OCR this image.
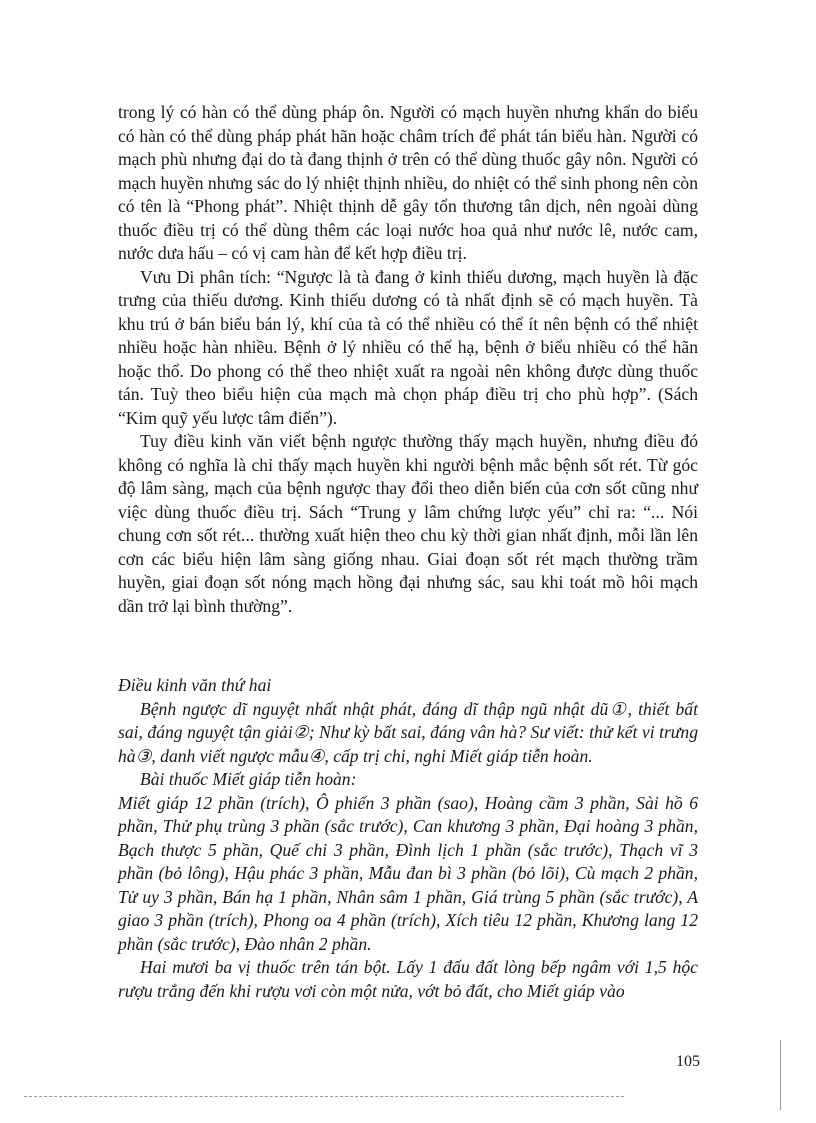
trong lý có hàn có thể dùng pháp ôn. Người có mạch huyền nhưng khẩn do biểu có hàn có thể dùng pháp phát hãn hoặc châm trích để phát tán biểu hàn. Người có mạch phù nhưng đại do tà đang thịnh ở trên có thể dùng thuốc gây nôn. Người có mạch huyền nhưng sác do lý nhiệt thịnh nhiều, do nhiệt có thể sinh phong nên còn có tên là “Phong phát”. Nhiệt thịnh dễ gây tổn thương tân dịch, nên ngoài dùng thuốc điều trị có thể dùng thêm các loại nước hoa quả như nước lê, nước cam, nước dưa hấu – có vị cam hàn để kết hợp điều trị.

Vưu Di phân tích: “Ngược là tà đang ở kinh thiếu dương, mạch huyền là đặc trưng của thiếu dương. Kinh thiếu dương có tà nhất định sẽ có mạch huyền. Tà khu trú ở bán biểu bán lý, khí của tà có thể nhiều có thể ít nên bệnh có thể nhiệt nhiều hoặc hàn nhiều. Bệnh ở lý nhiều có thể hạ, bệnh ở biểu nhiều có thể hãn hoặc thổ. Do phong có thể theo nhiệt xuất ra ngoài nên không được dùng thuốc tán. Tuỳ theo biểu hiện của mạch mà chọn pháp điều trị cho phù hợp”. (Sách “Kim quỹ yếu lược tâm điển”).

Tuy điều kinh văn viết bệnh ngược thường thấy mạch huyền, nhưng điều đó không có nghĩa là chỉ thấy mạch huyền khi người bệnh mắc bệnh sốt rét. Từ góc độ lâm sàng, mạch của bệnh ngược thay đổi theo diễn biến của cơn sốt cũng như việc dùng thuốc điều trị. Sách “Trung y lâm chứng lược yếu” chỉ ra: “... Nói chung cơn sốt rét... thường xuất hiện theo chu kỳ thời gian nhất định, mỗi lần lên cơn các biểu hiện lâm sàng giống nhau. Giai đoạn sốt rét mạch thường trầm huyền, giai đoạn sốt nóng mạch hồng đại nhưng sác, sau khi toát mồ hôi mạch dần trở lại bình thường”.

Điều kinh văn thứ hai

Bệnh ngược dĩ nguyệt nhất nhật phát, đáng dĩ thập ngũ nhật dũ①, thiết bất sai, đáng nguyệt tận giải②; Như kỳ bất sai, đáng vân hà? Sư viết: thử kết vi trưng hà③, danh viết ngược mẫu④, cấp trị chi, nghi Miết giáp tiễn hoàn.

Bài thuốc Miết giáp tiễn hoàn:

Miết giáp 12 phần (trích), Ô phiến 3 phần (sao), Hoàng cầm 3 phần, Sài hồ 6 phần, Thử phụ trùng 3 phần (sắc trước), Can khương 3 phần, Đại hoàng 3 phần, Bạch thược 5 phần, Quế chi 3 phần, Đình lịch 1 phần (sắc trước), Thạch vĩ 3 phần (bỏ lông), Hậu phác 3 phần, Mẫu đan bì 3 phần (bỏ lõi), Cù mạch 2 phần, Tử uy 3 phần, Bán hạ 1 phần, Nhân sâm 1 phần, Giá trùng 5 phần (sắc trước), A giao 3 phần (trích), Phong oa 4 phần (trích), Xích tiêu 12 phần, Khương lang 12 phần (sắc trước), Đào nhân 2 phần.

Hai mươi ba vị thuốc trên tán bột. Lấy 1 đấu đất lòng bếp ngâm với 1,5 hộc rượu trắng đến khi rượu vơi còn một nửa, vớt bỏ đất, cho Miết giáp vào

105
